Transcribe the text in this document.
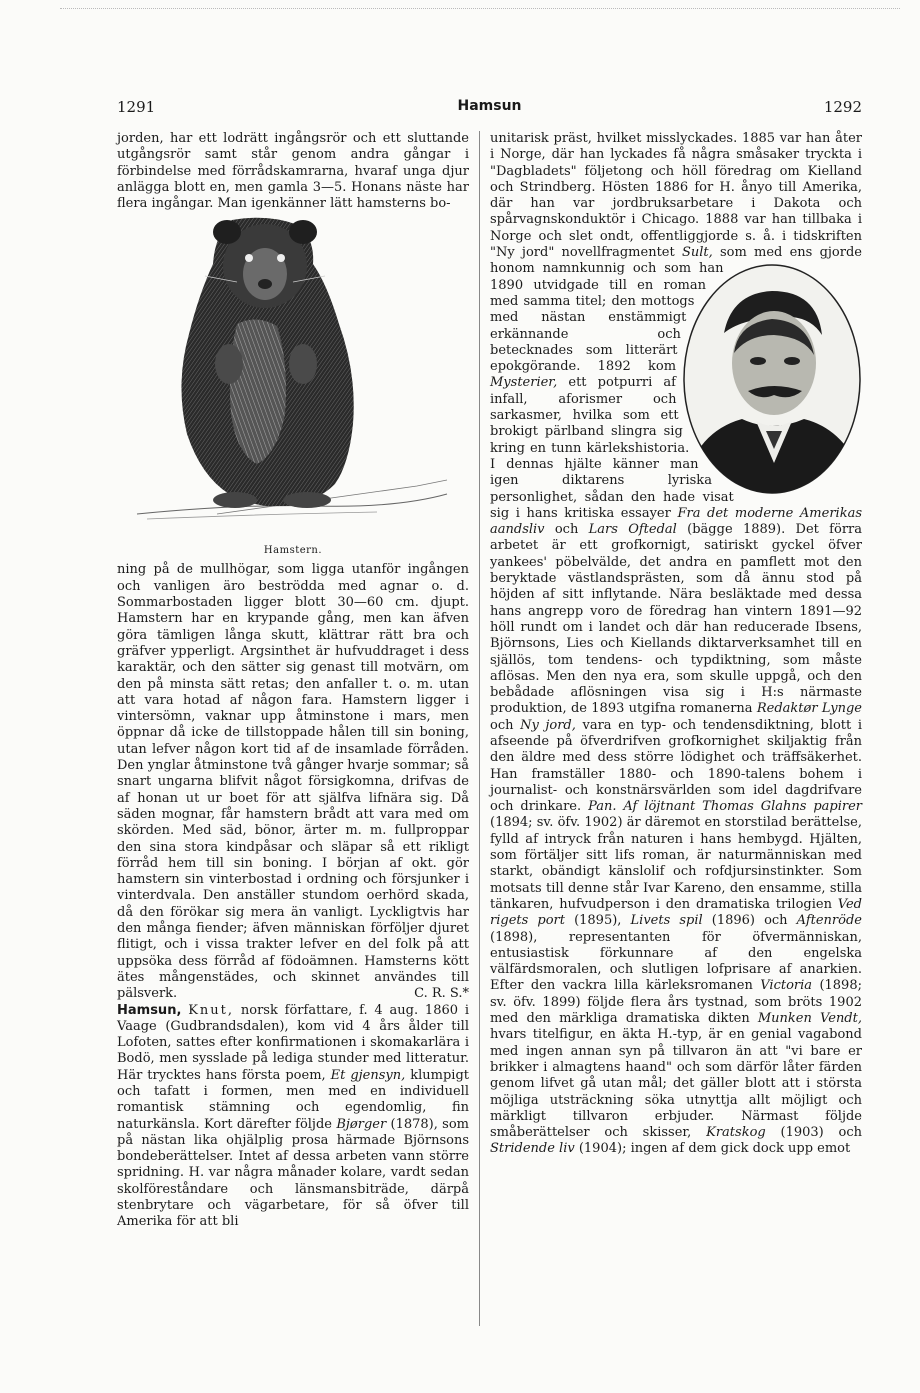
1291	Hamsun	1292

jorden, har ett lodrätt ingångsrör och ett sluttande utgångsrör samt står genom andra gångar i förbindelse med förrådskamrarna, hvaraf unga djur anlägga blott en, men gamla 3—5. Honans näste har flera ingångar. Man igenkänner lätt hamsterns bo-

Hamstern.

ning på de mullhögar, som ligga utanför ingången och vanligen äro beströdda med agnar o. d. Sommarbostaden ligger blott 30—60 cm. djupt. Hamstern har en krypande gång, men kan äfven göra tämligen långa skutt, klättrar rätt bra och gräfver ypperligt. Argsinthet är hufvuddraget i dess karaktär, och den sätter sig genast till motvärn, om den på minsta sätt retas; den anfaller t. o. m. utan att vara hotad af någon fara. Hamstern ligger i vintersömn, vaknar upp åtminstone i mars, men öppnar då icke de tillstoppade hålen till sin boning, utan lefver någon kort tid af de insamlade förråden. Den ynglar åtminstone två gånger hvarje sommar; så snart ungarna blifvit något försigkomna, drifvas de af honan ut ur boet för att själfva lifnära sig. Då säden mognar, får hamstern brådt att vara med om skörden. Med säd, bönor, ärter m. m. fullproppar den sina stora kindpåsar och släpar så ett rikligt förråd hem till sin boning. I början af okt. gör hamstern sin vinterbostad i ordning och försjunker i vinterdvala. Den anställer stundom oerhörd skada, då den förökar sig mera än vanligt. Lyckligtvis har den många fiender; äfven människan förföljer djuret flitigt, och i vissa trakter lefver en del folk på att uppsöka dess förråd af födoämnen. Hamsterns kött ätes mångenstädes, och skinnet användes till pälsverk.	C. R. S.*

Hamsun, Knut, norsk författare, f. 4 aug. 1860 i Vaage (Gudbrandsdalen), kom vid 4 års ålder till Lofoten, sattes efter konfirmationen i skomakarlära i Bodö, men sysslade på lediga stunder med litteratur. Här trycktes hans första poem, Et gjensyn, klumpigt och tafatt i formen, men med en individuell romantisk stämning och egendomlig, fin naturkänsla. Kort därefter följde Bjørger (1878), som på nästan lika ohjälplig prosa härmade Björnsons bondeberättelser. Intet af dessa arbeten vann större spridning. H. var några månader kolare, vardt sedan skolföreståndare och länsmansbiträde, därpå stenbrytare och vägarbetare, för så öfver till Amerika för att bli

unitarisk präst, hvilket misslyckades. 1885 var han åter i Norge, där han lyckades få några småsaker tryckta i "Dagbladets" följetong och höll föredrag om Kielland och Strindberg. Hösten 1886 for H. ånyo till Amerika, där han var jordbruksarbetare i Dakota och spårvagnskonduktör i Chicago. 1888 var han tillbaka i Norge och slet ondt, offentliggjorde s. å. i tidskriften "Ny jord" novellfragmentet Sult, som med ens gjorde honom namnkunnig och som han 1890 utvidgade till en roman med samma titel; den mottogs med nästan enstämmigt erkännande och betecknades som litterärt epokgörande. 1892 kom Mysterier, ett potpurri af infall, aforismer och sarkasmer, hvilka som ett brokigt pärlband slingra sig kring en tunn kärlekshistoria. I dennas hjälte känner man igen diktarens lyriska personlighet, sådan den hade visat sig i hans kritiska essayer Fra det moderne Amerikas aandsliv och Lars Oftedal (bägge 1889). Det förra arbetet är ett grofkornigt, satiriskt gyckel öfver yankees' pöbelvälde, det andra en pamflett mot den beryktade västlandsprästen, som då ännu stod på höjden af sitt inflytande. Nära besläktade med dessa hans angrepp voro de föredrag han vintern 1891—92 höll rundt om i landet och där han reducerade Ibsens, Björnsons, Lies och Kiellands diktarverksamhet till en själlös, tom tendens- och typdiktning, som måste aflösas. Men den nya era, som skulle uppgå, och den bebådade aflösningen visa sig i H:s närmaste produktion, de 1893 utgifna romanerna Redaktør Lynge och Ny jord, vara en typ- och tendensdiktning, blott i afseende på öfverdrifven grofkornighet skiljaktig från den äldre med dess större lödighet och träffsäkerhet. Han framställer 1880- och 1890-talens bohem i journalist- och konstnärsvärlden som idel dagdrifvare och drinkare. Pan. Af löjtnant Thomas Glahns papirer (1894; sv. öfv. 1902) är däremot en storstilad berättelse, fylld af intryck från naturen i hans hembygd. Hjälten, som förtäljer sitt lifs roman, är naturmänniskan med starkt, obändigt känslolif och rofdjursinstinkter. Som motsats till denne står Ivar Kareno, den ensamme, stilla tänkaren, hufvudperson i den dramatiska trilogien Ved rigets port (1895), Livets spil (1896) och Aftenröde (1898), representanten för öfvermänniskan, entusiastisk förkunnare af den engelska välfärdsmoralen, och slutligen lofprisare af anarkien. Efter den vackra lilla kärleksromanen Victoria (1898; sv. öfv. 1899) följde flera års tystnad, som bröts 1902 med den märkliga dramatiska dikten Munken Vendt, hvars titelfigur, en äkta H.-typ, är en genial vagabond med ingen annan syn på tillvaron än att "vi bare er brikker i almagtens haand" och som därför låter färden genom lifvet gå utan mål; det gäller blott att i största möjliga utsträckning söka utnyttja allt möjligt och märkligt tillvaron erbjuder. Närmast följde småberättelser och skisser, Kratskog (1903) och Stridende liv (1904); ingen af dem gick dock upp emot
